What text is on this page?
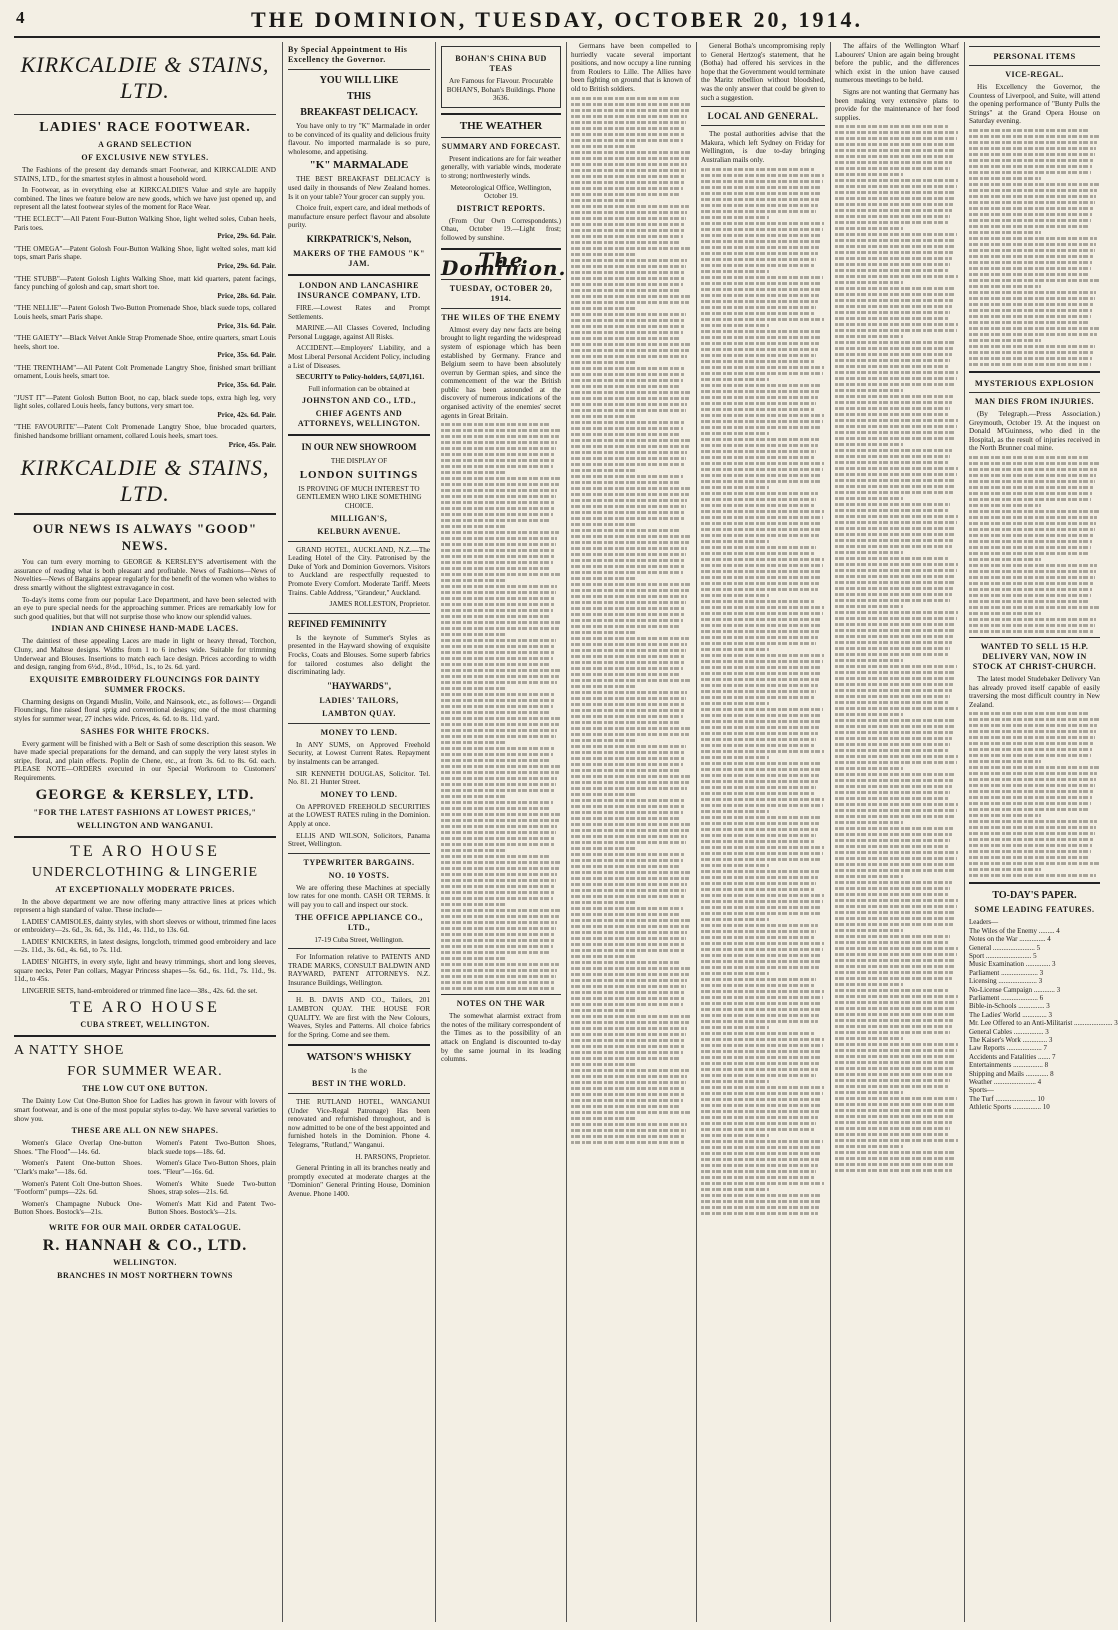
4	THE DOMINION, TUESDAY, OCTOBER 20, 1914.
KIRKCALDIE & STAINS, LTD.
LADIES' RACE FOOTWEAR.
A GRAND SELECTION
OF EXCLUSIVE NEW STYLES.
The Fashions of the present day demands smart Footwear, and KIRKCALDIE AND STAINS, LTD., for the smartest styles in almost a household word.
In Footwear, as in everything else at KIRKCALDIE'S Value and style are happily combined. The lines we feature below are new goods, which we have just opened up, and represent all the latest footwear styles of the moment for Race Wear.
"THE ECLECT"—All Patent Four-Button Walking Shoe, light welted soles, Cuban heels, Paris toes.
Price, 29s. 6d. Pair.
"THE OMEGA"—Patent Golosh Four-Button Walking Shoe, light welted soles, matt kid tops, smart Paris shape.
Price, 29s. 6d. Pair.
"THE STUBB"—Patent Golosh Lights Walking Shoe, matt kid quarters, patent facings, fancy punching of golosh and cap, smart short toe.
Price, 28s. 6d. Pair.
"THE NELLIE"—Patent Golosh Two-Button Promenade Shoe, black suede tops, collared Louis heels, smart Paris shape.
Price, 31s. 6d. Pair.
"THE GAIETY"—Black Velvet Ankle Strap Promenade Shoe, entire quarters, smart Louis heels, short toe.
Price, 35s. 6d. Pair.
"THE TRENTHAM"—All Patent Colt Promenade Langtry Shoe, finished smart brilliant ornament, Louis heels, smart toe.
Price, 35s. 6d. Pair.
"JUST IT"—Patent Golosh Button Boot, no cap, black suede tops, extra high leg, very light soles, collared Louis heels, fancy buttons, very smart toe.
Price, 42s. 6d. Pair.
"THE FAVOURITE"—Patent Colt Promenade Langtry Shoe, blue brocaded quarters, finished handsome brilliant ornament, collared Louis heels, smart toes.
Price, 45s. Pair.
KIRKCALDIE & STAINS, LTD.
OUR NEWS IS ALWAYS "GOOD" NEWS.
You can turn every morning to GEORGE & KERSLEY'S advertisement with the assurance of reading what is both pleasant and profitable. News of Fashions—News of Novelties—News of Bargains appear regularly for the benefit of the women who wishes to dress smartly without the slightest extravagance in cost.
To-day's items come from our popular Lace Department, and have been selected with an eye to pure special needs for the approaching summer. Prices are remarkably low for such good qualities, but that will not surprise those who know our splendid values.
INDIAN AND CHINESE HAND-MADE LACES.
The daintiest of these appealing Laces are made in light or heavy thread, Torchon, Cluny, and Maltese designs. Widths from 1 to 6 inches wide. Suitable for trimming Underwear and Blouses. Insertions to match each lace design. Prices according to width and design, ranging from 6½d., 8½d., 10½d., 1s., to 2s. 6d. yard.
EXQUISITE EMBROIDERY FLOUNCINGS FOR DAINTY SUMMER FROCKS.
Charming designs on Organdi Muslin, Voile, and Nainsook, etc., as follows:— Organdi Flouncings, fine raised floral sprig and conventional designs; one of the most charming styles for summer wear, 27 inches wide. Prices, 4s. 6d. to 8s. 11d. yard.
SASHES FOR WHITE FROCKS.
Every garment will be finished with a Belt or Sash of some description this season. We have made special preparations for the demand, and can supply the very latest styles in stripe, floral, and plain effects. Poplin de Chene, etc., at from 3s. 6d. to 8s. 6d. each. PLEASE NOTE—ORDERS executed in our Special Workroom to Customers' Requirements.
GEORGE & KERSLEY, LTD.
"FOR THE LATEST FASHIONS AT LOWEST PRICES,"
WELLINGTON AND WANGANUI.
TE ARO HOUSE
UNDERCLOTHING & LINGERIE
AT EXCEPTIONALLY MODERATE PRICES.
In the above department we are now offering many attractive lines at prices which represent a high standard of value. These include—
LADIES' CAMISOLES, dainty styles, with short sleeves or without, trimmed fine laces or embroidery—2s. 6d., 3s. 6d., 3s. 11d., 4s. 11d., to 13s. 6d.
LADIES' KNICKERS, in latest designs, longcloth, trimmed good embroidery and lace—2s. 11d., 3s. 6d., 4s. 6d., to 7s. 11d.
LADIES' NIGHTS, in every style, light and heavy trimmings, short and long sleeves, square necks, Peter Pan collars, Magyar Princess shapes—5s. 6d., 6s. 11d., 7s. 11d., 9s. 11d., to 45s.
LINGERIE SETS, hand-embroidered or trimmed fine lace—38s., 42s. 6d. the set.
TE ARO HOUSE
CUBA STREET, WELLINGTON.
A NATTY SHOE
FOR SUMMER WEAR.
THE LOW CUT ONE BUTTON.
The Dainty Low Cut One-Button Shoe for Ladies has grown in favour with lovers of smart footwear, and is one of the most popular styles to-day. We have several varieties to show you.
THESE ARE ALL ON NEW SHAPES.
Women's Glace Overlap One-button Shoes. "The Flood"—14s. 6d.
Women's Patent One-button Shoes. "Clark's make"—18s. 6d.
Women's Patent Colt One-button Shoes. "Footform" pumps—22s. 6d.
Women's Champagne Nubuck One-Button Shoes. Bostock's—21s.
Women's Patent Two-Button Shoes, black suede tops—18s. 6d.
Women's Glace Two-Button Shoes, plain toes. "Fleur"—16s. 6d.
Women's White Suede Two-button Shoes, strap soles—21s. 6d.
Women's Matt Kid and Patent Two-Button Shoes. Bostock's—21s.
WRITE FOR OUR MAIL ORDER CATALOGUE.
R. HANNAH & CO., LTD.
WELLINGTON.
BRANCHES IN MOST NORTHERN TOWNS
By Special Appointment to His Excellency the Governor.
YOU WILL LIKE
THIS
BREAKFAST DELICACY.
You have only to try "K" Marmalade in order to be convinced of its quality and delicious fruity flavour. No imported marmalade is so pure, wholesome, and appetising.
"K" MARMALADE
THE BEST BREAKFAST DELICACY is used daily in thousands of New Zealand homes. Is it on your table? Your grocer can supply you.
Choice fruit, expert care, and ideal methods of manufacture ensure perfect flavour and absolute purity.
KIRKPATRICK'S, Nelson,
MAKERS OF THE FAMOUS "K" JAM.
LONDON AND LANCASHIRE INSURANCE COMPANY, LTD.
FIRE.—Lowest Rates and Prompt Settlements.
MARINE.—All Classes Covered, Including Personal Luggage, against All Risks.
ACCIDENT.—Employers' Liability, and a Most Liberal Personal Accident Policy, including a List of Diseases.
SECURITY to Policy-holders, £4,071,161.
Full information can be obtained at
JOHNSTON AND CO., LTD.,
CHIEF AGENTS AND ATTORNEYS, WELLINGTON.
IN OUR NEW SHOWROOM
THE DISPLAY OF
LONDON SUITINGS
IS PROVING OF MUCH INTEREST TO GENTLEMEN WHO LIKE SOMETHING CHOICE.
MILLIGAN'S,
KELBURN AVENUE.
GRAND HOTEL, AUCKLAND, N.Z.—The Leading Hotel of the City. Patronised by the Duke of York and Dominion Governors. Visitors to Auckland are respectfully requested to Promote Every Comfort. Moderate Tariff. Meets Trains. Cable Address, "Grandeur," Auckland.
JAMES ROLLESTON, Proprietor.
REFINED FEMININITY
Is the keynote of Summer's Styles as presented in the Hayward showing of exquisite Frocks, Coats and Blouses. Some superb fabrics for tailored costumes also delight the discriminating lady.
"HAYWARDS",
LADIES' TAILORS,
LAMBTON QUAY.
MONEY TO LEND.
In ANY SUMS, on Approved Freehold Security, at Lowest Current Rates. Repayment by instalments can be arranged.
SIR KENNETH DOUGLAS, Solicitor. Tel. No. 81. 21 Hunter Street.
MONEY TO LEND.
On APPROVED FREEHOLD SECURITIES at the LOWEST RATES ruling in the Dominion. Apply at once.
ELLIS AND WILSON, Solicitors, Panama Street, Wellington.
TYPEWRITER BARGAINS.
NO. 10 YOSTS.
We are offering these Machines at specially low rates for one month. CASH OR TERMS. It will pay you to call and inspect our stock.
THE OFFICE APPLIANCE CO., LTD.,
17-19 Cuba Street, Wellington.
For Information relative to PATENTS AND TRADE MARKS, CONSULT BALDWIN AND RAYWARD, PATENT ATTORNEYS. N.Z. Insurance Buildings, Wellington.
H. B. DAVIS AND CO., Tailors, 201 LAMBTON QUAY. THE HOUSE FOR QUALITY. We are first with the New Colours, Weaves, Styles and Patterns. All choice fabrics for the Spring. Come and see them.
WATSON'S WHISKY
Is the
BEST IN THE WORLD.
THE RUTLAND HOTEL, WANGANUI (Under Vice-Regal Patronage) Has been renovated and refurnished throughout, and is now admitted to be one of the best appointed and furnished hotels in the Dominion. Phone 4. Telegrams, "Rutland," Wanganui.
H. PARSONS, Proprietor.
General Printing in all its branches neatly and promptly executed at moderate charges at the "Dominion" General Printing House, Dominion Avenue. Phone 1400.
BOHAN'S CHINA BUD TEAS
Are Famous for Flavour. Procurable BOHAN'S, Bohan's Buildings. Phone 3636.
THE WEATHER
SUMMARY AND FORECAST.
Present indications are for fair weather generally, with variable winds, moderate to strong; northwesterly winds.
Meteorological Office, Wellington, October 19.
DISTRICT REPORTS.
(From Our Own Correspondents.) Ohau, October 19.—Light frost; followed by sunshine.
The Dominion.
TUESDAY, OCTOBER 20, 1914.
THE WILES OF THE ENEMY
Almost every day new facts are being brought to light regarding the widespread system of espionage which has been established by Germany. France and Belgium seem to have been absolutely overrun by German spies, and since the commencement of the war the British public has been astounded at the discovery of numerous indications of the organised activity of the enemies' secret agents in Great Britain.
NOTES ON THE WAR
The somewhat alarmist extract from the notes of the military correspondent of the Times as to the possibility of an attack on England is discounted to-day by the same journal in its leading columns.
Germans have been compelled to hurriedly vacate several important positions, and now occupy a line running from Roulers to Lille. The Allies have been fighting on ground that is known of old to British soldiers.
General Botha's uncompromising reply to General Hertzog's statement, that he (Botha) had offered his services in the hope that the Government would terminate the Maritz rebellion without bloodshed, was the only answer that could be given to such a suggestion.
LOCAL AND GENERAL.
The postal authorities advise that the Makura, which left Sydney on Friday for Wellington, is due to-day bringing Australian mails only.
The affairs of the Wellington Wharf Labourers' Union are again being brought before the public, and the differences which exist in the union have caused numerous meetings to be held.
Signs are not wanting that Germany has been making very extensive plans to provide for the maintenance of her food supplies.
PERSONAL ITEMS
VICE-REGAL.
His Excellency the Governor, the Countess of Liverpool, and Suite, will attend the opening performance of "Bunty Pulls the Strings" at the Grand Opera House on Saturday evening.
MYSTERIOUS EXPLOSION
MAN DIES FROM INJURIES.
(By Telegraph.—Press Association.) Greymouth, October 19. At the inquest on Donald M'Guinness, who died in the Hospital, as the result of injuries received in the North Brunner coal mine.
WANTED TO SELL 15 H.P. DELIVERY VAN, NOW IN STOCK AT CHRIST-CHURCH.
The latest model Studebaker Delivery Van has already proved itself capable of easily traversing the most difficult country in New Zealand.
TO-DAY'S PAPER.
SOME LEADING FEATURES.
Leaders—
The Wiles of the Enemy ......... 4
Notes on the War ............... 4
General ........................ 5
Sport .......................... 5
Music Examination .............. 3
Parliament ..................... 3
Licensing ...................... 3
No-License Campaign ............ 3
Parliament ..................... 6
Bible-in-Schools ............... 3
The Ladies' World .............. 3
Mr. Lee Offered to an Anti-Militarist ...................... 3
General Cables ................. 3
The Kaiser's Work .............. 3
Law Reports .................... 7
Accidents and Fatalities ....... 7
Entertainments ................. 8
Shipping and Mails ............. 8
Weather ........................ 4
Sports—
The Turf ....................... 10
Athletic Sports ................ 10
